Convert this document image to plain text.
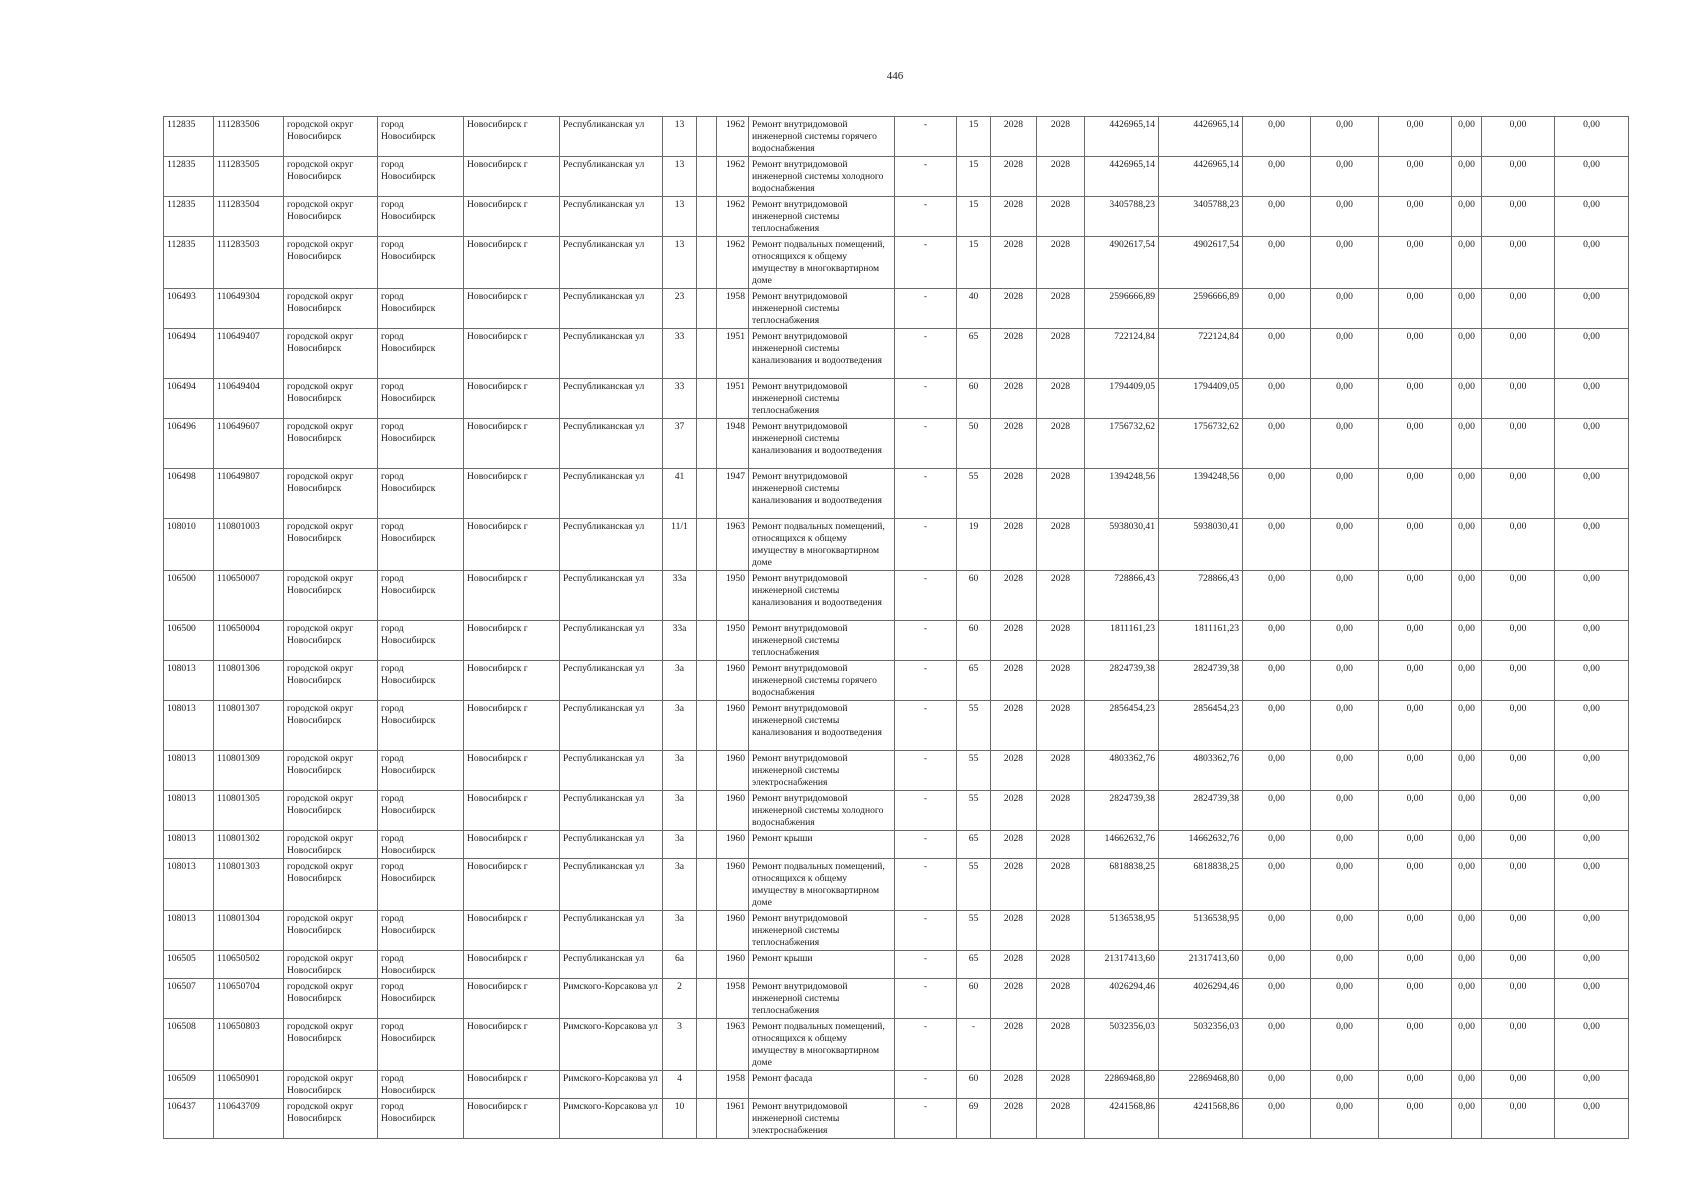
446
112835	111283506	городской округ Новосибирск	город Новосибирск	Новосибирск г	Республиканская ул	13		1962	Ремонт внутридомовой инженерной системы горячего водоснабжения	-	15	2028	2028	4426965,14	4426965,14	0,00	0,00	0,00	0,00	0,00	0,00
112835	111283505	городской округ Новосибирск	город Новосибирск	Новосибирск г	Республиканская ул	13		1962	Ремонт внутридомовой инженерной системы холодного водоснабжения	-	15	2028	2028	4426965,14	4426965,14	0,00	0,00	0,00	0,00	0,00	0,00
112835	111283504	городской округ Новосибирск	город Новосибирск	Новосибирск г	Республиканская ул	13		1962	Ремонт внутридомовой инженерной системы теплоснабжения	-	15	2028	2028	3405788,23	3405788,23	0,00	0,00	0,00	0,00	0,00	0,00
112835	111283503	городской округ Новосибирск	город Новосибирск	Новосибирск г	Республиканская ул	13		1962	Ремонт подвальных помещений, относящихся к общему имуществу в многоквартирном доме	-	15	2028	2028	4902617,54	4902617,54	0,00	0,00	0,00	0,00	0,00	0,00
106493	110649304	городской округ Новосибирск	город Новосибирск	Новосибирск г	Республиканская ул	23		1958	Ремонт внутридомовой инженерной системы теплоснабжения	-	40	2028	2028	2596666,89	2596666,89	0,00	0,00	0,00	0,00	0,00	0,00
106494	110649407	городской округ Новосибирск	город Новосибирск	Новосибирск г	Республиканская ул	33		1951	Ремонт внутридомовой инженерной системы канализования и водоотведения	-	65	2028	2028	722124,84	722124,84	0,00	0,00	0,00	0,00	0,00	0,00
106494	110649404	городской округ Новосибирск	город Новосибирск	Новосибирск г	Республиканская ул	33		1951	Ремонт внутридомовой инженерной системы теплоснабжения	-	60	2028	2028	1794409,05	1794409,05	0,00	0,00	0,00	0,00	0,00	0,00
106496	110649607	городской округ Новосибирск	город Новосибирск	Новосибирск г	Республиканская ул	37		1948	Ремонт внутридомовой инженерной системы канализования и водоотведения	-	50	2028	2028	1756732,62	1756732,62	0,00	0,00	0,00	0,00	0,00	0,00
106498	110649807	городской округ Новосибирск	город Новосибирск	Новосибирск г	Республиканская ул	41		1947	Ремонт внутридомовой инженерной системы канализования и водоотведения	-	55	2028	2028	1394248,56	1394248,56	0,00	0,00	0,00	0,00	0,00	0,00
108010	110801003	городской округ Новосибирск	город Новосибирск	Новосибирск г	Республиканская ул	11/1		1963	Ремонт подвальных помещений, относящихся к общему имуществу в многоквартирном доме	-	19	2028	2028	5938030,41	5938030,41	0,00	0,00	0,00	0,00	0,00	0,00
106500	110650007	городской округ Новосибирск	город Новосибирск	Новосибирск г	Республиканская ул	33а		1950	Ремонт внутридомовой инженерной системы канализования и водоотведения	-	60	2028	2028	728866,43	728866,43	0,00	0,00	0,00	0,00	0,00	0,00
106500	110650004	городской округ Новосибирск	город Новосибирск	Новосибирск г	Республиканская ул	33а		1950	Ремонт внутридомовой инженерной системы теплоснабжения	-	60	2028	2028	1811161,23	1811161,23	0,00	0,00	0,00	0,00	0,00	0,00
108013	110801306	городской округ Новосибирск	город Новосибирск	Новосибирск г	Республиканская ул	3а		1960	Ремонт внутридомовой инженерной системы горячего водоснабжения	-	65	2028	2028	2824739,38	2824739,38	0,00	0,00	0,00	0,00	0,00	0,00
108013	110801307	городской округ Новосибирск	город Новосибирск	Новосибирск г	Республиканская ул	3а		1960	Ремонт внутридомовой инженерной системы канализования и водоотведения	-	55	2028	2028	2856454,23	2856454,23	0,00	0,00	0,00	0,00	0,00	0,00
108013	110801309	городской округ Новосибирск	город Новосибирск	Новосибирск г	Республиканская ул	3а		1960	Ремонт внутридомовой инженерной системы электроснабжения	-	55	2028	2028	4803362,76	4803362,76	0,00	0,00	0,00	0,00	0,00	0,00
108013	110801305	городской округ Новосибирск	город Новосибирск	Новосибирск г	Республиканская ул	3а		1960	Ремонт внутридомовой инженерной системы холодного водоснабжения	-	55	2028	2028	2824739,38	2824739,38	0,00	0,00	0,00	0,00	0,00	0,00
108013	110801302	городской округ Новосибирск	город Новосибирск	Новосибирск г	Республиканская ул	3а		1960	Ремонт крыши	-	65	2028	2028	14662632,76	14662632,76	0,00	0,00	0,00	0,00	0,00	0,00
108013	110801303	городской округ Новосибирск	город Новосибирск	Новосибирск г	Республиканская ул	3а		1960	Ремонт подвальных помещений, относящихся к общему имуществу в многоквартирном доме	-	55	2028	2028	6818838,25	6818838,25	0,00	0,00	0,00	0,00	0,00	0,00
108013	110801304	городской округ Новосибирск	город Новосибирск	Новосибирск г	Республиканская ул	3а		1960	Ремонт внутридомовой инженерной системы теплоснабжения	-	55	2028	2028	5136538,95	5136538,95	0,00	0,00	0,00	0,00	0,00	0,00
106505	110650502	городской округ Новосибирск	город Новосибирск	Новосибирск г	Республиканская ул	6а		1960	Ремонт крыши	-	65	2028	2028	21317413,60	21317413,60	0,00	0,00	0,00	0,00	0,00	0,00
106507	110650704	городской округ Новосибирск	город Новосибирск	Новосибирск г	Римского-Корсакова ул	2		1958	Ремонт внутридомовой инженерной системы теплоснабжения	-	60	2028	2028	4026294,46	4026294,46	0,00	0,00	0,00	0,00	0,00	0,00
106508	110650803	городской округ Новосибирск	город Новосибирск	Новосибирск г	Римского-Корсакова ул	3		1963	Ремонт подвальных помещений, относящихся к общему имуществу в многоквартирном доме	-	-	2028	2028	5032356,03	5032356,03	0,00	0,00	0,00	0,00	0,00	0,00
106509	110650901	городской округ Новосибирск	город Новосибирск	Новосибирск г	Римского-Корсакова ул	4		1958	Ремонт фасада	-	60	2028	2028	22869468,80	22869468,80	0,00	0,00	0,00	0,00	0,00	0,00
106437	110643709	городской округ Новосибирск	город Новосибирск	Новосибирск г	Римского-Корсакова ул	10		1961	Ремонт внутридомовой инженерной системы электроснабжения	-	69	2028	2028	4241568,86	4241568,86	0,00	0,00	0,00	0,00	0,00	0,00
